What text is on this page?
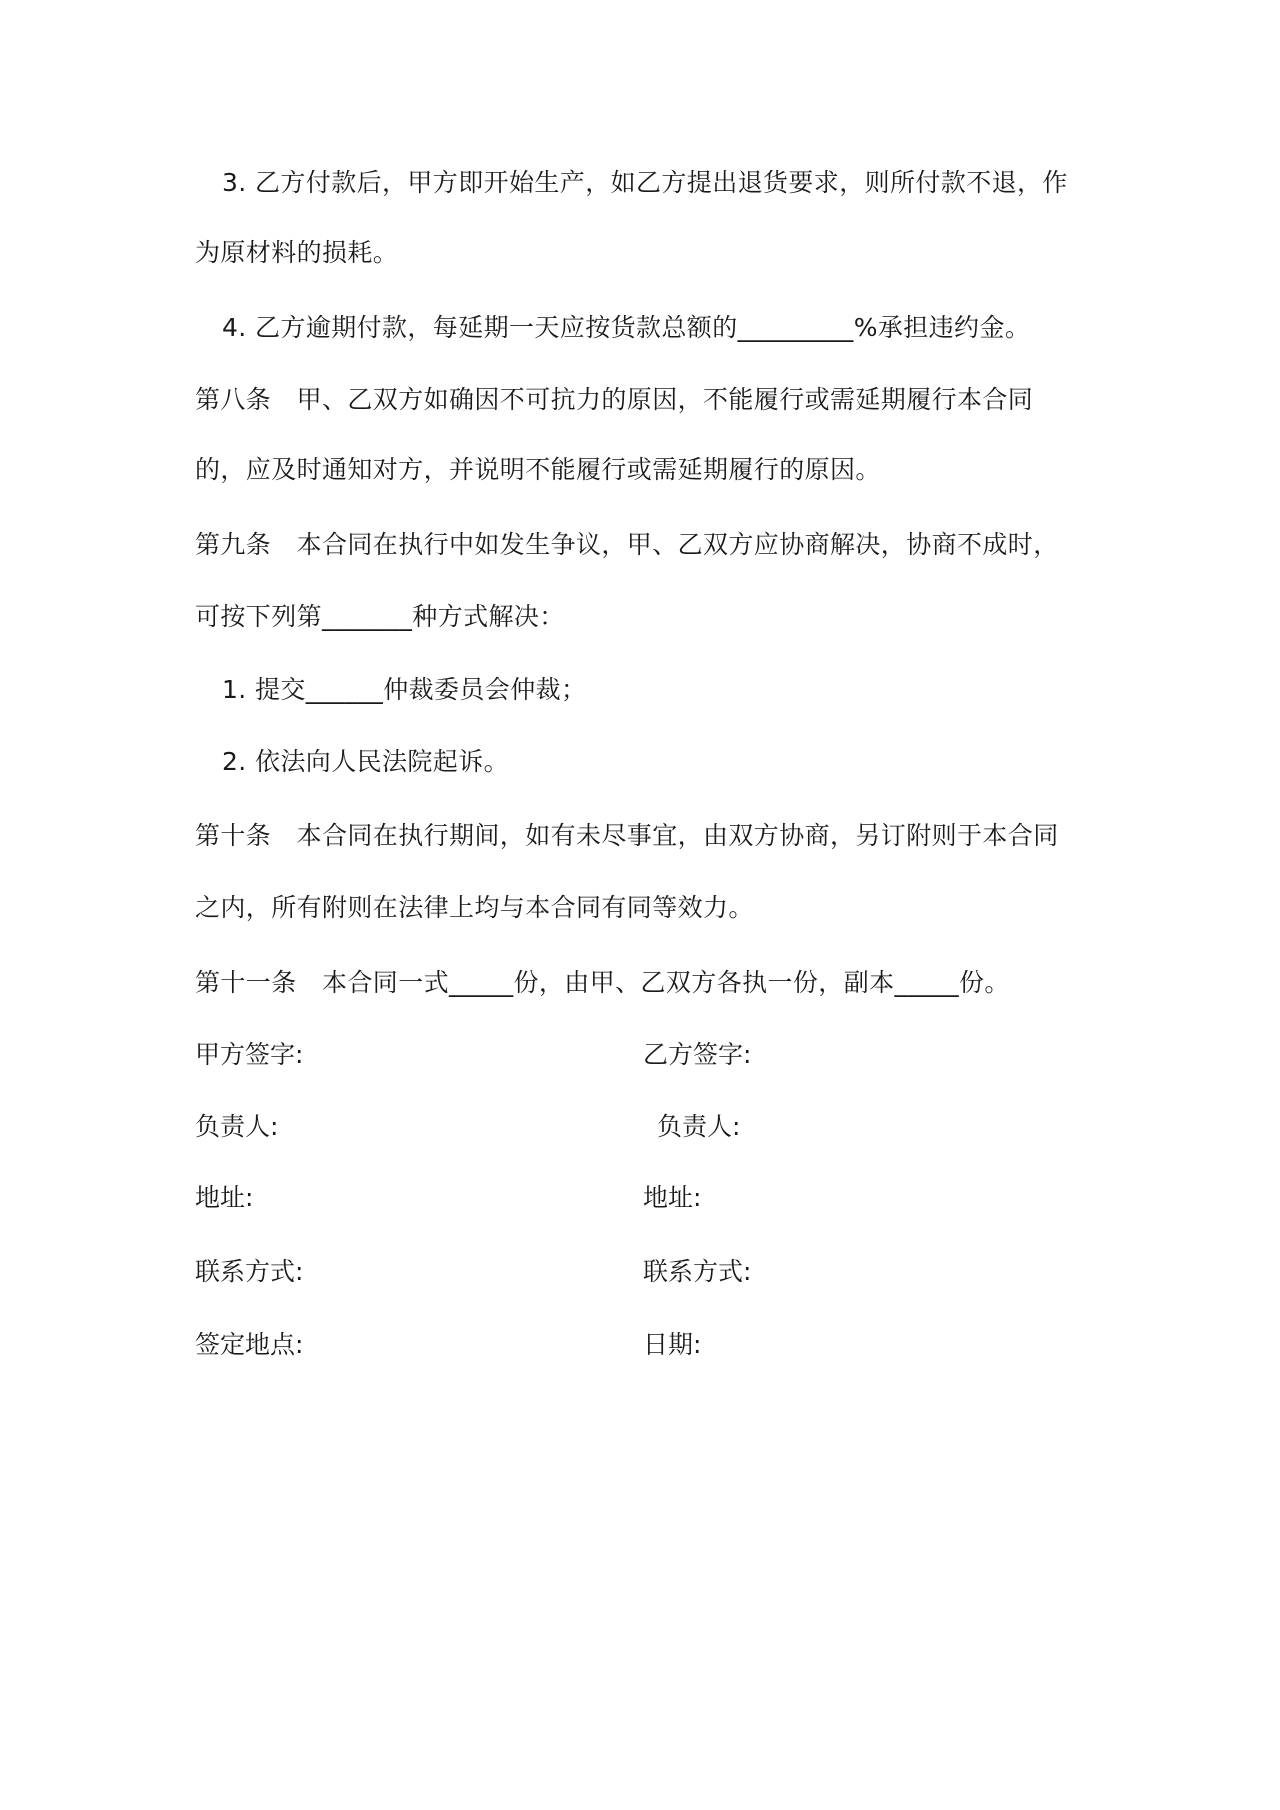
3. 乙方付款后，甲方即开始生产，如乙方提出退货要求，则所付款不退，作
为原材料的损耗。
4. 乙方逾期付款，每延期一天应按货款总额的_________%承担违约金。
第八条　甲、乙双方如确因不可抗力的原因，不能履行或需延期履行本合同
的，应及时通知对方，并说明不能履行或需延期履行的原因。
第九条　本合同在执行中如发生争议，甲、乙双方应协商解决，协商不成时，
可按下列第_______种方式解决：
1. 提交______仲裁委员会仲裁；
2. 依法向人民法院起诉。
第十条　本合同在执行期间，如有未尽事宜，由双方协商，另订附则于本合同
之内，所有附则在法律上均与本合同有同等效力。
第十一条　本合同一式_____份，由甲、乙双方各执一份，副本_____份。
甲方签字:	乙方签字:
负责人:	负责人:
地址:	地址:
联系方式:	联系方式:
签定地点:	日期:
